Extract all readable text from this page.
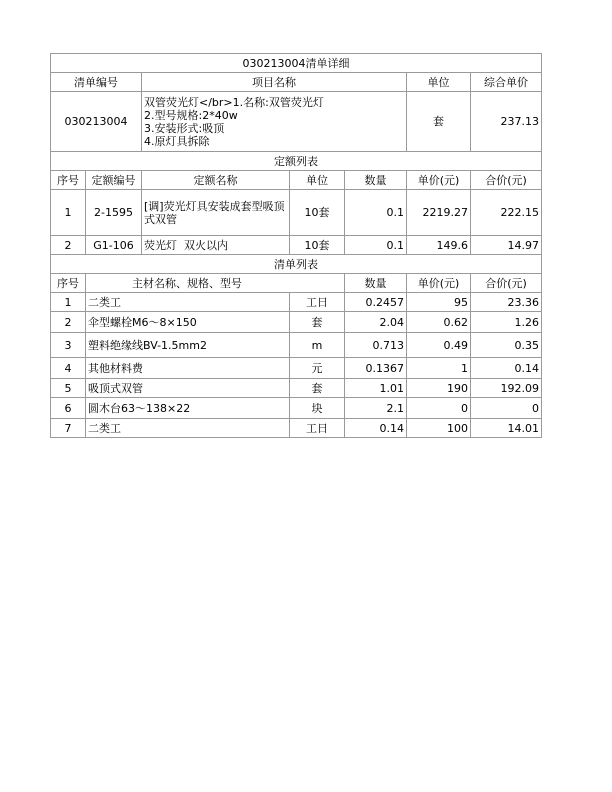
030213004清单详细						
清单编号		项目名称			单位	综合单价
030213004		双管荧光灯</br>1.名称:双管荧光灯
2.型号规格:2*40w
3.安装形式:吸顶
4.原灯具拆除			套	237.13
定额列表						
序号	定额编号	定额名称	单位	数量	单价(元)	合价(元)
1	2-1595	[调]荧光灯具安装成套型吸顶式双管	10套	0.1	2219.27	222.15
2	G1-106	荧光灯  双火以内	10套	0.1	149.6	14.97
清单列表						
序号	主材名称、规格、型号			数量	单价(元)	合价(元)
1	二类工		工日	0.2457	95	23.36
2	伞型螺栓M6～8×150		套	2.04	0.62	1.26
3	塑料绝缘线BV-1.5mm2		m	0.713	0.49	0.35
4	其他材料费		元	0.1367	1	0.14
5	吸顶式双管		套	1.01	190	192.09
6	圆木台63～138×22		块	2.1	0	0
7	二类工		工日	0.14	100	14.01
